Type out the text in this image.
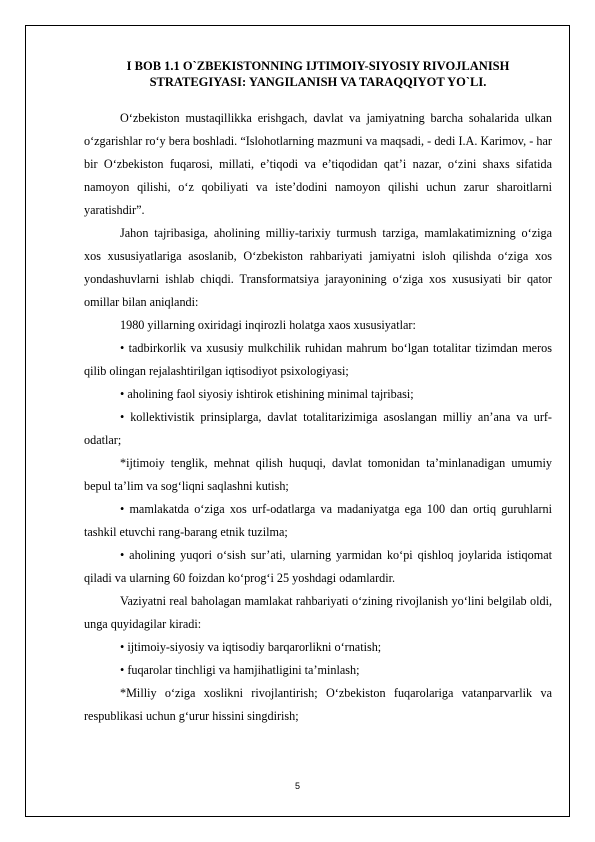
I BOB 1.1 O`ZBEKISTONNING IJTIMOIY-SIYOSIY RIVOJLANISH
STRATEGIYASI: YANGILANISH VA TARAQQIYOT YO`LI.

O‘zbekiston mustaqillikka erishgach, davlat va jamiyatning barcha sohalarida ulkan o‘zgarishlar ro‘y bera boshladi. “Islohotlarning mazmuni va maqsadi, - dedi I.A. Karimov, - har bir O‘zbekiston fuqarosi, millati, e’tiqodi va e’tiqodidan qat’i nazar, o‘zini shaxs sifatida namoyon qilishi, o‘z qobiliyati va iste’dodini namoyon qilishi uchun zarur sharoitlarni yaratishdir”.

Jahon tajribasiga, aholining milliy-tarixiy turmush tarziga, mamlakatimizning o‘ziga xos xususiyatlariga asoslanib, O‘zbekiston rahbariyati jamiyatni isloh qilishda o‘ziga xos yondashuvlarni ishlab chiqdi. Transformatsiya jarayonining o‘ziga xos xususiyati bir qator omillar bilan aniqlandi:

1980 yillarning oxiridagi inqirozli holatga xaos xususiyatlar:

• tadbirkorlik va xususiy mulkchilik ruhidan mahrum bo‘lgan totalitar tizimdan meros qilib olingan rejalashtirilgan iqtisodiyot psixologiyasi;

• aholining faol siyosiy ishtirok etishining minimal tajribasi;

• kollektivistik prinsiplarga, davlat totalitarizimiga asoslangan milliy an’ana va urf-odatlar;

*ijtimoiy tenglik, mehnat qilish huquqi, davlat tomonidan ta’minlanadigan umumiy bepul ta’lim va sog‘liqni saqlashni kutish;

• mamlakatda o‘ziga xos urf-odatlarga va madaniyatga ega 100 dan ortiq guruhlarni tashkil etuvchi rang-barang etnik tuzilma;

• aholining yuqori o‘sish sur’ati, ularning yarmidan ko‘pi qishloq joylarida istiqomat qiladi va ularning 60 foizdan ko‘prog‘i 25 yoshdagi odamlardir.

Vaziyatni real baholagan mamlakat rahbariyati o‘zining rivojlanish yo‘lini belgilab oldi, unga quyidagilar kiradi:

• ijtimoiy-siyosiy va iqtisodiy barqarorlikni o‘rnatish;

• fuqarolar tinchligi va hamjihatligini ta’minlash;

*Milliy o‘ziga xoslikni rivojlantirish; O‘zbekiston fuqarolariga vatanparvarlik va respublikasi uchun g‘urur hissini singdirish;

5
